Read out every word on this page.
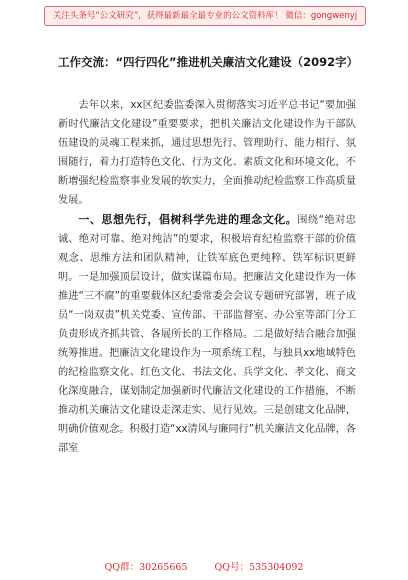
关注头条号“公文研究”，获得最新最全最专业的公文资料库！ 微信：gongwenyj
工作交流：“四行四化”推进机关廉洁文化建设（2092字）

去年以来，xx区纪委监委深入贯彻落实习近平总书记“要加强新时代廉洁文化建设”重要要求，把机关廉洁文化建设作为干部队伍建设的灵魂工程来抓，通过思想先行、管理助行、能力相行、氛围随行，着力打造特色文化、行为文化、素质文化和环境文化，不断增强纪检监察事业发展的软实力，全面推动纪检监察工作高质量发展。

一、思想先行，倡树科学先进的理念文化。围绕“绝对忠诚、绝对可靠、绝对纯洁”的要求，积极培育纪检监察干部的价值观念、思维方法和团队精神，让铁军底色更纯粹、铁军标识更鲜明。一是加强顶层设计，做实谋篇布局。把廉洁文化建设作为一体推进“三不腐”的重要载体区纪委常委会会议专题研究部署，班子成员“一岗双责”机关党委、宣传部、干部监督室、办公室等部门分工负责形成齐抓共管、各展所长的工作格局。二是做好结合融合加强统筹推进。把廉洁文化建设作为一项系统工程，与独具xx地域特色的纪检监察文化、红色文化、书法文化、兵学文化、孝文化、商文化深度融合，谋划制定加强新时代廉洁文化建设的工作措施，不断推动机关廉洁文化建设走深走实、见行见效。三是创建文化品牌，明确价值观念。积极打造“xx清风与廉同行”机关廉洁文化品牌，各部室

QQ群：30265665	QQ号：535304092
